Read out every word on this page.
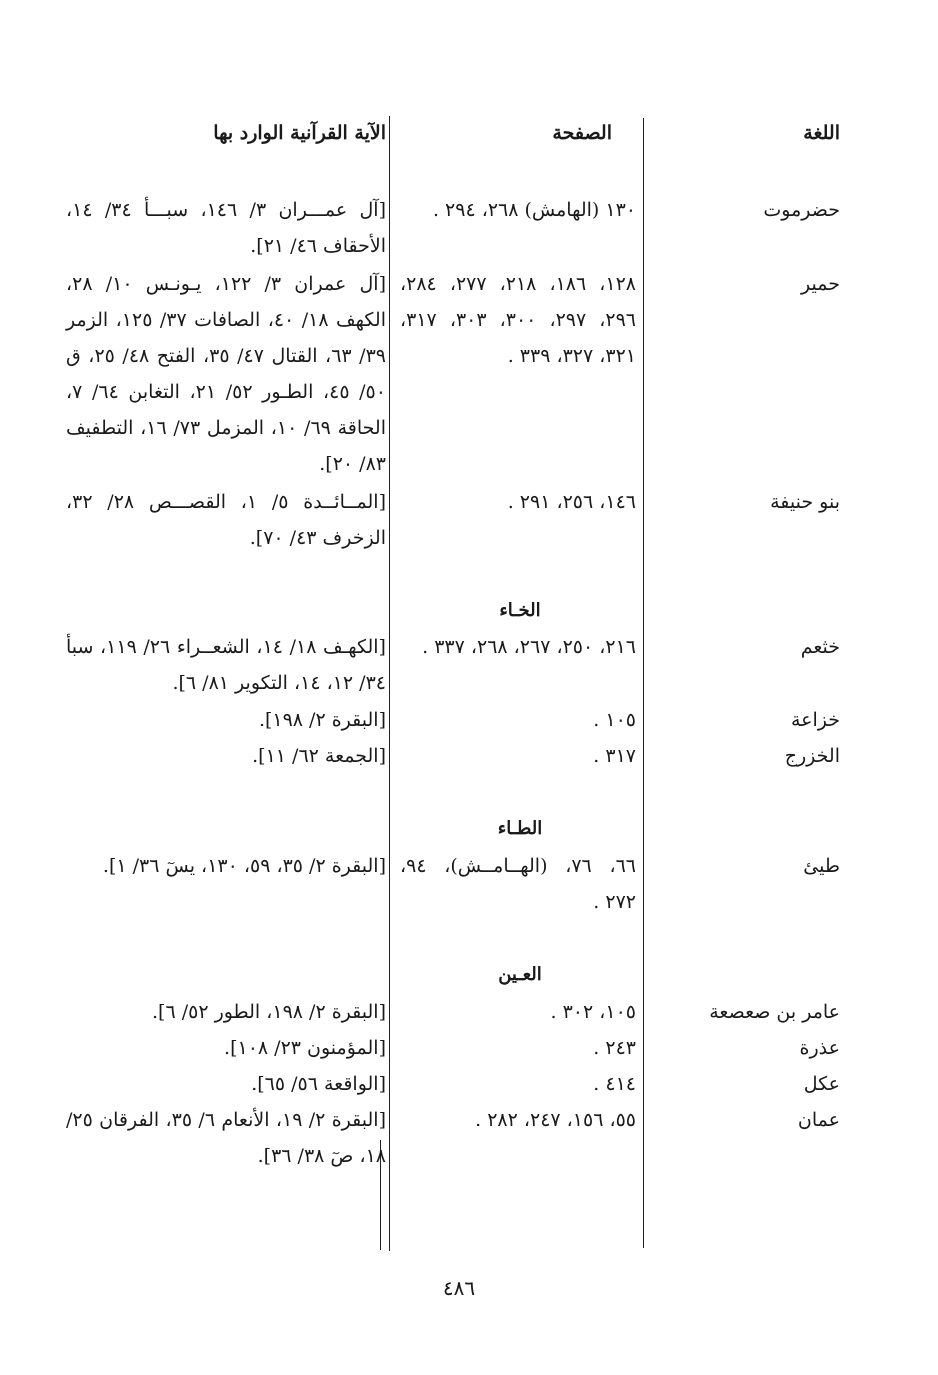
اللغة
الصفحة
الآية القرآنية الوارد بها
حضرموت
١٣٠ (الهامش) ٢٦٨، ٢٩٤ .
[آل عمـــران ٣/ ١٤٦، سبـــأ ٣٤/ ١٤، الأحقاف ٤٦/ ٢١].
حمير
١٢٨، ١٨٦، ٢١٨، ٢٧٧، ٢٨٤، ٢٩٦، ٢٩٧، ٣٠٠، ٣٠٣، ٣١٧، ٣٢١، ٣٢٧، ٣٣٩ .
[آل عمران ٣/ ١٢٢، يـونـس ١٠/ ٢٨، الكهف ١٨/ ٤٠، الصافات ٣٧/ ١٢٥، الزمر ٣٩/ ٦٣، القتال ٤٧/ ٣٥، الفتح ٤٨/ ٢٥، ق ٥٠/ ٤٥، الطـور ٥٢/ ٢١، التغابن ٦٤/ ٧، الحاقة ٦٩/ ١٠، المزمل ٧٣/ ١٦، التطفيف ٨٣/ ٢٠].
بنو حنيفة
١٤٦، ٢٥٦، ٢٩١ .
[المــائــدة ٥/ ١، القصـــص ٢٨/ ٣٢، الزخرف ٤٣/ ٧٠].
الخـاء
خثعم
٢١٦، ٢٥٠، ٢٦٧، ٢٦٨، ٣٣٧ .
[الكهـف ١٨/ ١٤، الشعــراء ٢٦/ ١١٩، سبأ ٣٤/ ١٢، ١٤، التكوير ٨١/ ٦].
خزاعة
١٠٥ .
[البقرة ٢/ ١٩٨].
الخزرج
٣١٧ .
[الجمعة ٦٢/ ١١].
الطـاء
طيئ
٦٦، ٧٦، (الهــامــش)، ٩٤، ٢٧٢ .
[البقرة ٢/ ٣٥، ٥٩، ١٣٠، يسٓ ٣٦/ ١].
العـين
عامر بن صعصعة
١٠٥، ٣٠٢ .
[البقرة ٢/ ١٩٨، الطور ٥٢/ ٦].
عذرة
٢٤٣ .
[المؤمنون ٢٣/ ١٠٨].
عكل
٤١٤ .
[الواقعة ٥٦/ ٦٥].
عمان
٥٥، ١٥٦، ٢٤٧، ٢٨٢ .
[البقرة ٢/ ١٩، الأنعام ٦/ ٣٥، الفرقان ٢٥/ ١٨، صٓ ٣٨/ ٣٦].
٤٨٦
